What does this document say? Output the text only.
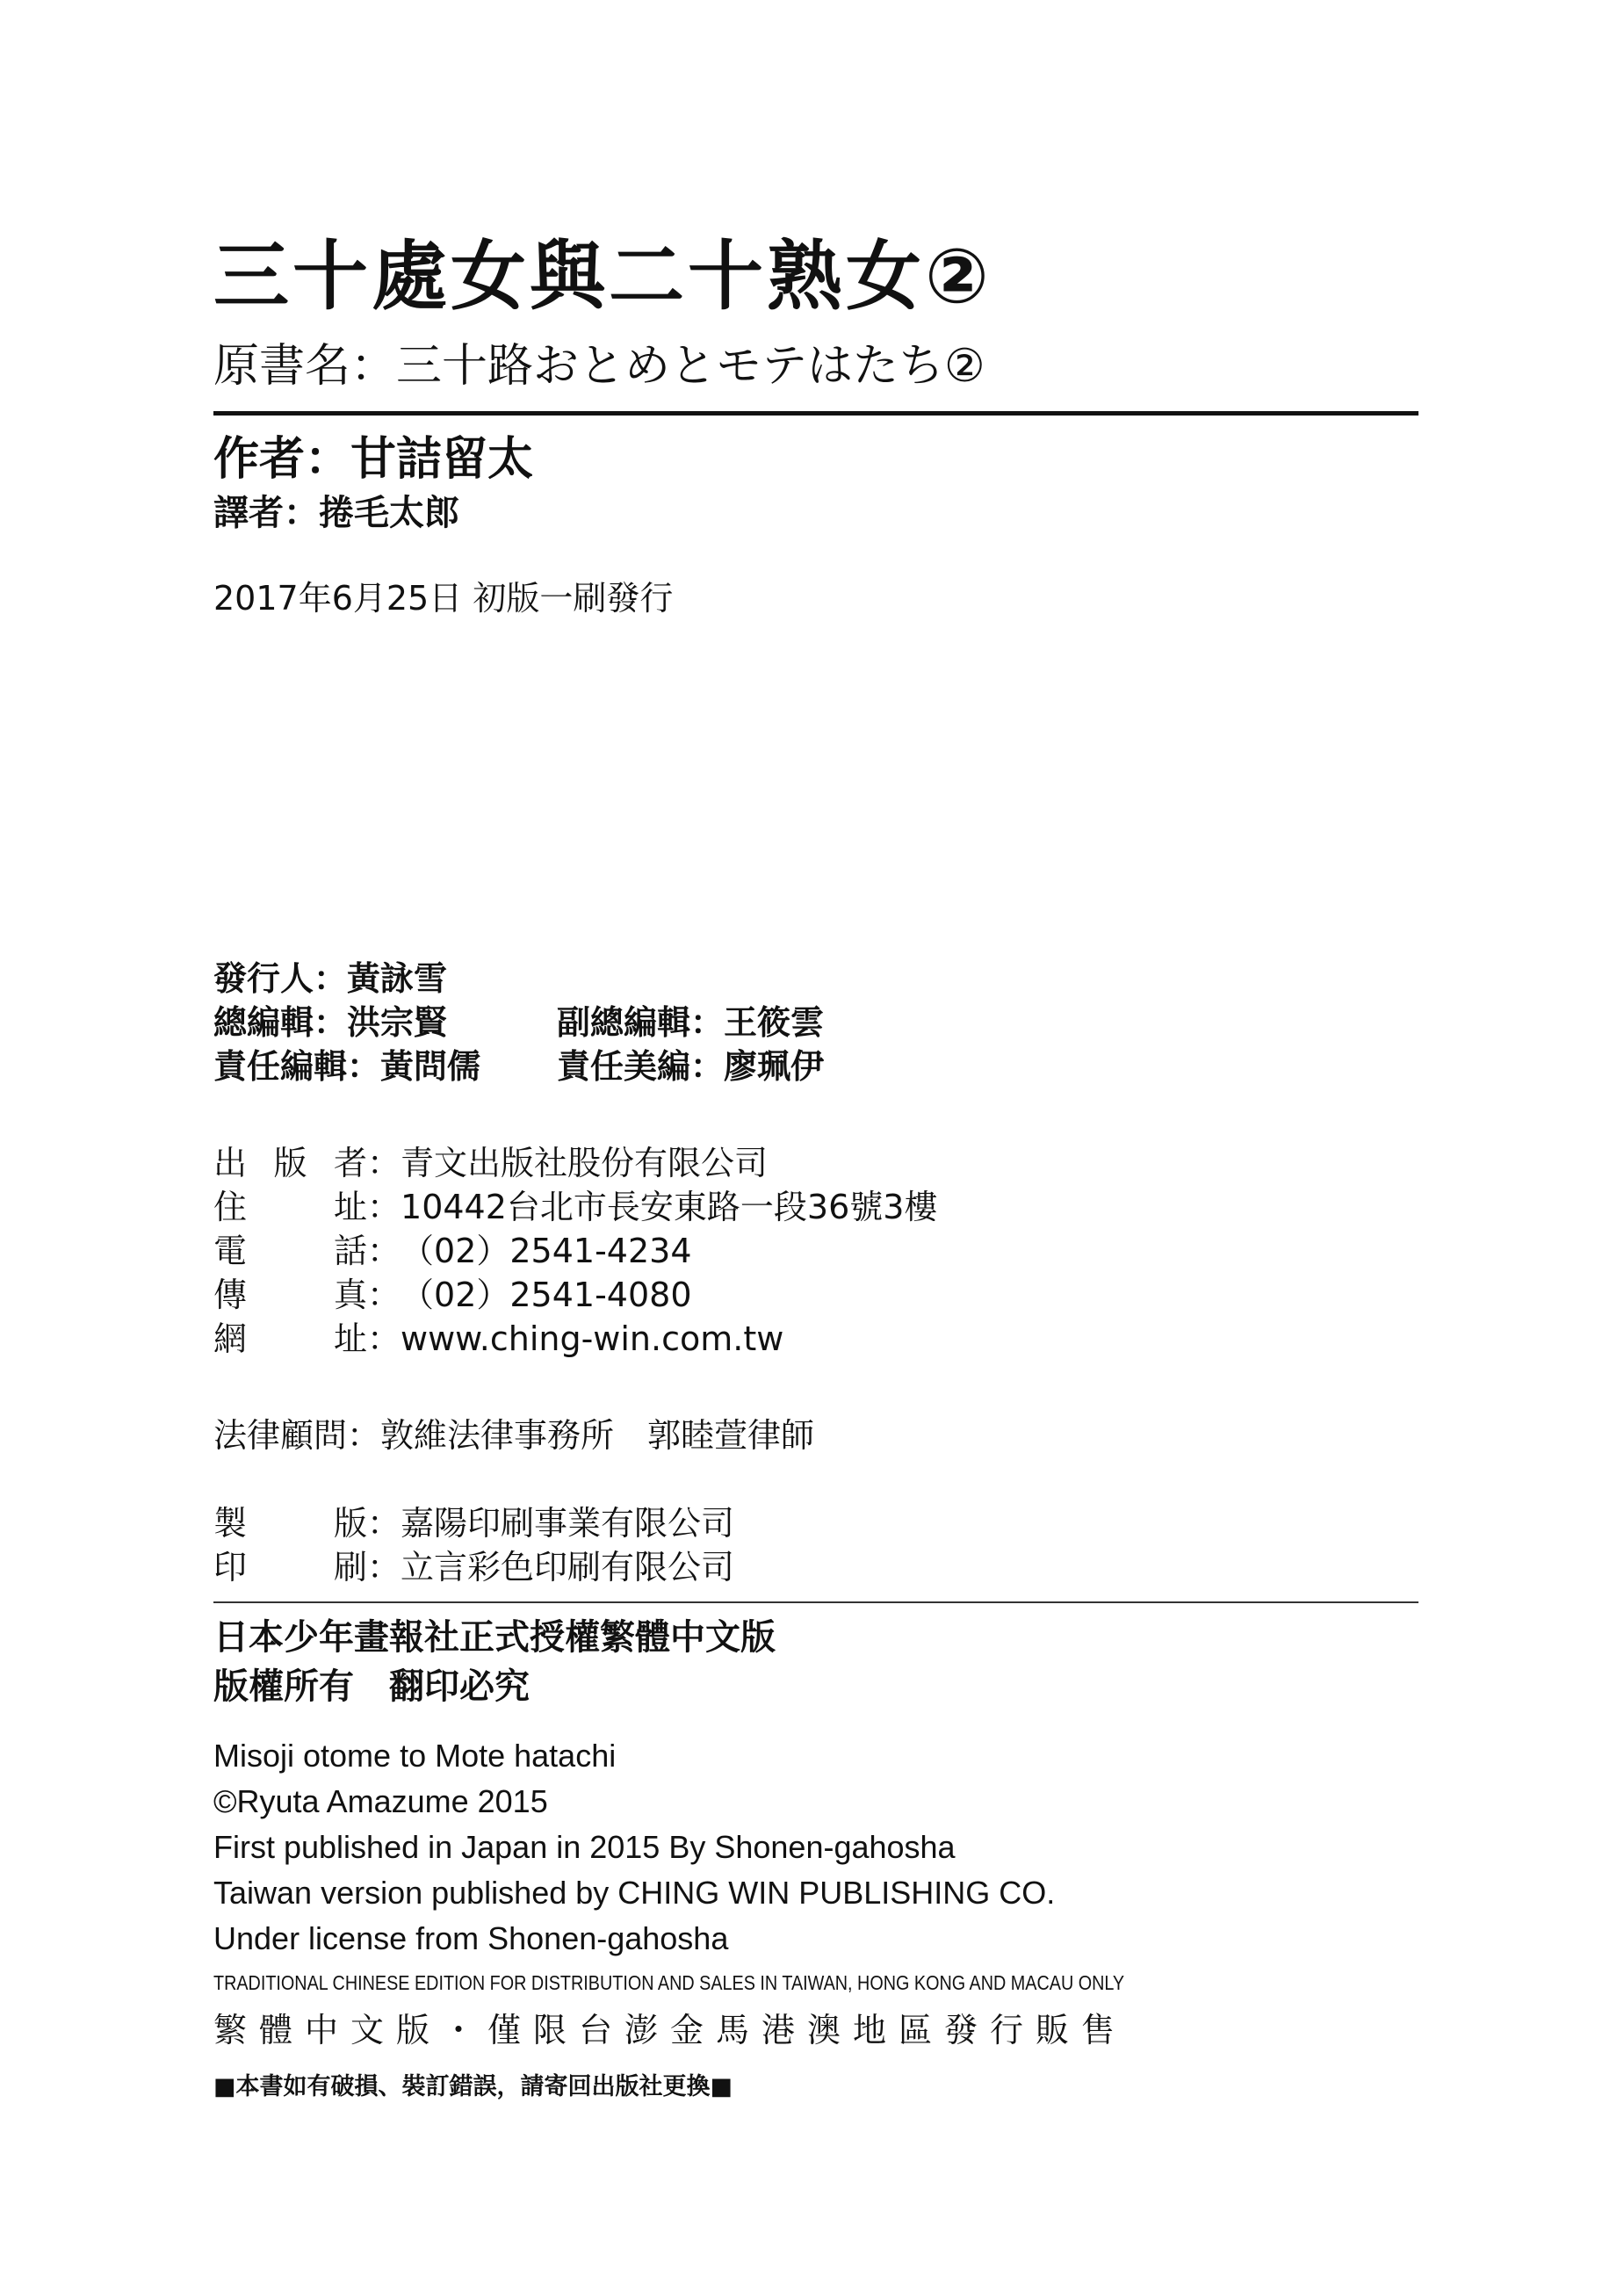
三十處女與二十熟女②
原書名：三十路おとめとモテはたち②
作者：甘詰留太
譯者：捲毛太郎
2017年6月25日 初版一刷發行
發行人：黃詠雪
總編輯：洪宗賢	副總編輯：王筱雲
責任編輯：黃問儒 責任美編：廖珮伊
出版者：青文出版社股份有限公司
住址：10442台北市長安東路一段36號3樓
電話：（02）2541-4234
傳真：（02）2541-4080
網址：www.ching-win.com.tw
法律顧問：敦維法律事務所　郭睦萱律師
製版：嘉陽印刷事業有限公司
印刷：立言彩色印刷有限公司
日本少年畫報社正式授權繁體中文版
版權所有　翻印必究
Misoji otome to Mote hatachi
©Ryuta Amazume 2015
First published in Japan in 2015 By Shonen-gahosha
Taiwan version published by CHING WIN PUBLISHING CO.
Under license from Shonen-gahosha
TRADITIONAL CHINESE EDITION FOR DISTRIBUTION AND SALES IN TAIWAN, HONG KONG AND MACAU ONLY
繁體中文版・僅限台澎金馬港澳地區發行販售
■本書如有破損、裝訂錯誤，請寄回出版社更換■
